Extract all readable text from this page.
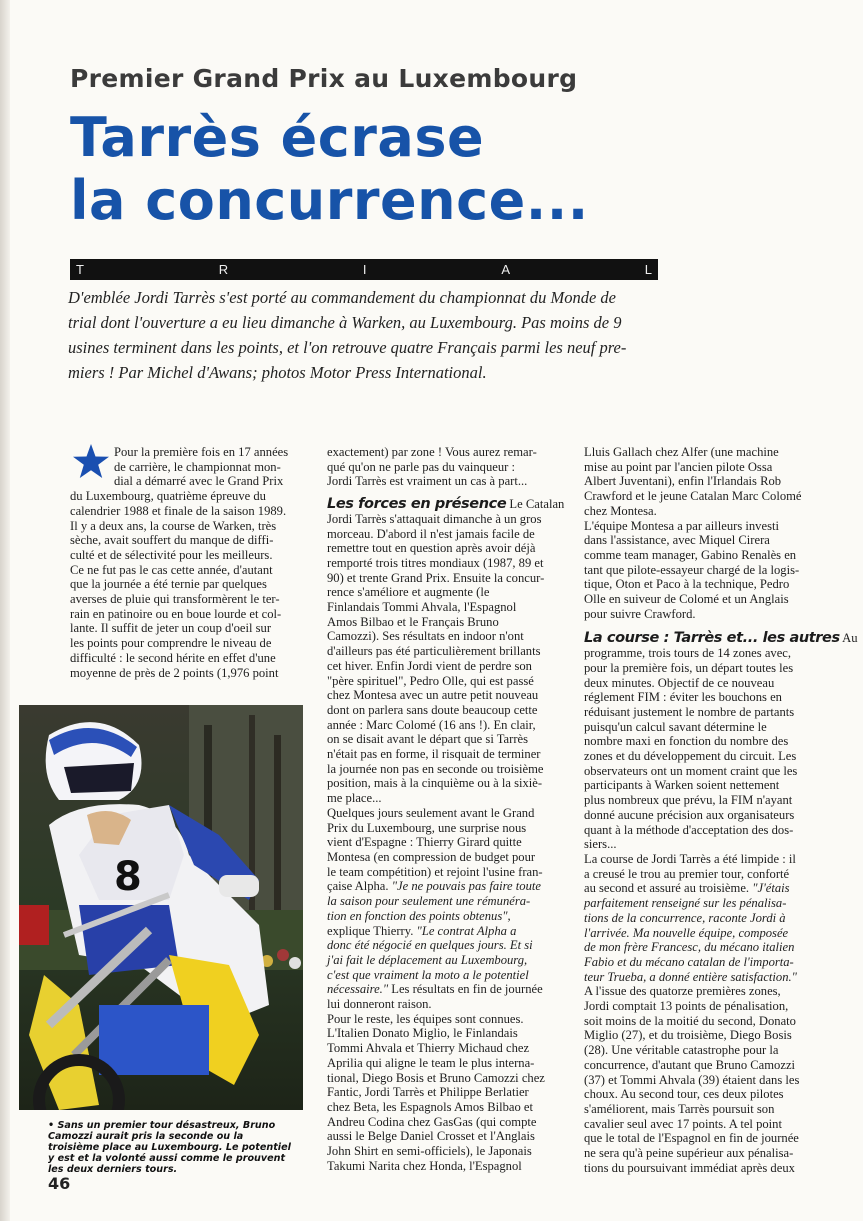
Premier Grand Prix au Luxembourg
Tarrès écrase
la concurrence...
T	R	I	A	L

D'emblée Jordi Tarrès s'est porté au commandement du championnat du Monde de

trial dont l'ouverture a eu lieu dimanche à Warken, au Luxembourg. Pas moins de 9

usines terminent dans les points, et l'on retrouve quatre Français parmi les neuf pre-

miers ! Par Michel d'Awans; photos Motor Press International.

Pour la première fois en 17 années

de carrière, le championnat mon-

dial a démarré avec le Grand Prix

du Luxembourg, quatrième épreuve du

calendrier 1988 et finale de la saison 1989.

Il y a deux ans, la course de Warken, très

sèche, avait souffert du manque de diffi-

culté et de sélectivité pour les meilleurs.

Ce ne fut pas le cas cette année, d'autant

que la journée a été ternie par quelques

averses de pluie qui transformèrent le ter-

rain en patinoire ou en boue lourde et col-

lante. Il suffit de jeter un coup d'oeil sur

les points pour comprendre le niveau de

difficulté : le second hérite en effet d'une

moyenne de près de 2 points (1,976 point

8

• Sans un premier tour désastreux, Bruno

Camozzi aurait pris la seconde ou la

troisième place au Luxembourg. Le potentiel

y est et la volonté aussi comme le prouvent

les deux derniers tours.

46

exactement) par zone ! Vous aurez remar-

qué qu'on ne parle pas du vainqueur :

Jordi Tarrès est vraiment un cas à part...

Les forces en présence Le Catalan

Jordi Tarrès s'attaquait dimanche à un gros

morceau. D'abord il n'est jamais facile de

remettre tout en question après avoir déjà

remporté trois titres mondiaux (1987, 89 et

90) et trente Grand Prix. Ensuite la concur-

rence s'améliore et augmente (le

Finlandais Tommi Ahvala, l'Espagnol

Amos Bilbao et le Français Bruno

Camozzi). Ses résultats en indoor n'ont

d'ailleurs pas été particulièrement brillants

cet hiver. Enfin Jordi vient de perdre son

"père spirituel", Pedro Olle, qui est passé

chez Montesa avec un autre petit nouveau

dont on parlera sans doute beaucoup cette

année : Marc Colomé (16 ans !). En clair,

on se disait avant le départ que si Tarrès

n'était pas en forme, il risquait de terminer

la journée non pas en seconde ou troisième

position, mais à la cinquième ou à la sixiè-

me place...

Quelques jours seulement avant le Grand

Prix du Luxembourg, une surprise nous

vient d'Espagne : Thierry Girard quitte

Montesa (en compression de budget pour

le team compétition) et rejoint l'usine fran-

çaise Alpha. "Je ne pouvais pas faire toute

la saison pour seulement une rémunéra-

tion en fonction des points obtenus",

explique Thierry. "Le contrat Alpha a

donc été négocié en quelques jours. Et si

j'ai fait le déplacement au Luxembourg,

c'est que vraiment la moto a le potentiel

nécessaire." Les résultats en fin de journée

lui donneront raison.

Pour le reste, les équipes sont connues.

L'Italien Donato Miglio, le Finlandais

Tommi Ahvala et Thierry Michaud chez

Aprilia qui aligne le team le plus interna-

tional, Diego Bosis et Bruno Camozzi chez

Fantic, Jordi Tarrès et Philippe Berlatier

chez Beta, les Espagnols Amos Bilbao et

Andreu Codina chez GasGas (qui compte

aussi le Belge Daniel Crosset et l'Anglais

John Shirt en semi-officiels), le Japonais

Takumi Narita chez Honda, l'Espagnol

Lluis Gallach chez Alfer (une machine

mise au point par l'ancien pilote Ossa

Albert Juventani), enfin l'Irlandais Rob

Crawford et le jeune Catalan Marc Colomé

chez Montesa.

L'équipe Montesa a par ailleurs investi

dans l'assistance, avec Miquel Cirera

comme team manager, Gabino Renalès en

tant que pilote-essayeur chargé de la logis-

tique, Oton et Paco à la technique, Pedro

Olle en suiveur de Colomé et un Anglais

pour suivre Crawford.

La course : Tarrès et... les autres Au

programme, trois tours de 14 zones avec,

pour la première fois, un départ toutes les

deux minutes. Objectif de ce nouveau

réglement FIM : éviter les bouchons en

réduisant justement le nombre de partants

puisqu'un calcul savant détermine le

nombre maxi en fonction du nombre des

zones et du développement du circuit. Les

observateurs ont un moment craint que les

participants à Warken soient nettement

plus nombreux que prévu, la FIM n'ayant

donné aucune précision aux organisateurs

quant à la méthode d'acceptation des dos-

siers...

La course de Jordi Tarrès a été limpide : il

a creusé le trou au premier tour, conforté

au second et assuré au troisième. "J'étais

parfaitement renseigné sur les pénalisa-

tions de la concurrence, raconte Jordi à

l'arrivée. Ma nouvelle équipe, composée

de mon frère Francesc, du mécano italien

Fabio et du mécano catalan de l'importa-

teur Trueba, a donné entière satisfaction."

A l'issue des quatorze premières zones,

Jordi comptait 13 points de pénalisation,

soit moins de la moitié du second, Donato

Miglio (27), et du troisième, Diego Bosis

(28). Une véritable catastrophe pour la

concurrence, d'autant que Bruno Camozzi

(37) et Tommi Ahvala (39) étaient dans les

choux. Au second tour, ces deux pilotes

s'améliorent, mais Tarrès poursuit son

cavalier seul avec 17 points. A tel point

que le total de l'Espagnol en fin de journée

ne sera qu'à peine supérieur aux pénalisa-

tions du poursuivant immédiat après deux
